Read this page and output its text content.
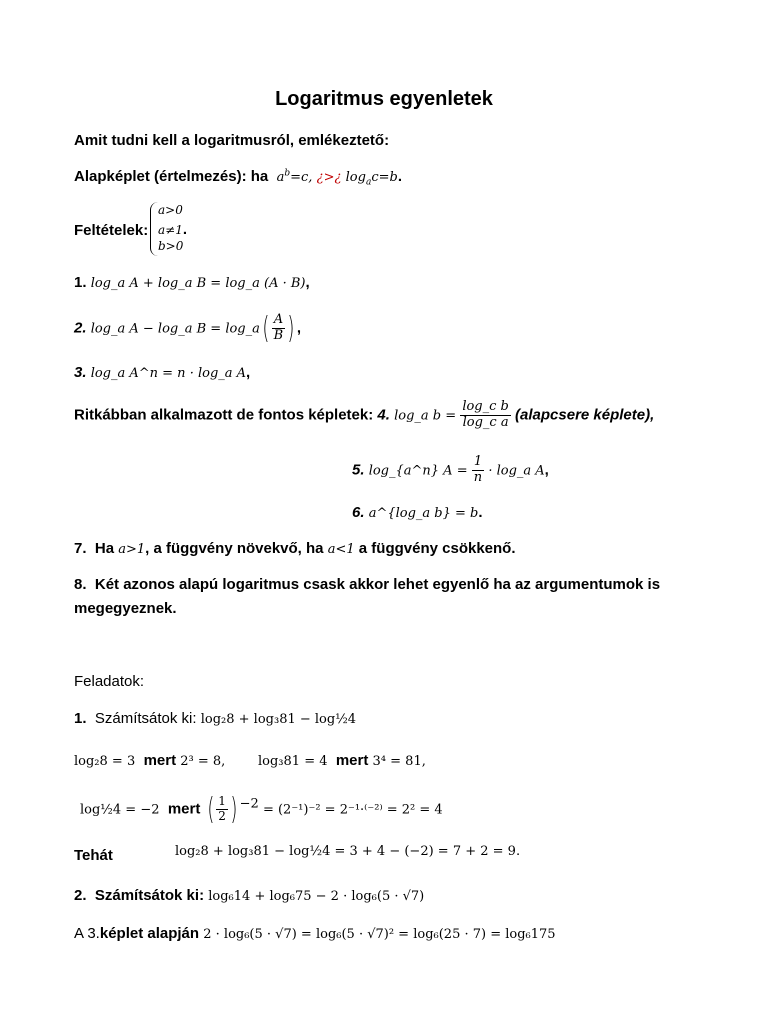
Logaritmus egyenletek
Amit tudni kell a logaritmusról, emlékeztető:
Alapképlet (értelmezés): ha $a^b=c$, ¿>¿ $\log_ac=b$.
Feltételek:
a>0
a≠1.
b>0
1. log_a A + log_a B = log_a (A · B),
2. log_a A − log_a B = log_a( $\frac{A}{B}$ ) ,
3. log_a A^n = n · log_a A,
Ritkábban alkalmazott de fontos képletek: 4. log_a $b = \frac{\text{log\_c b}}{\text{log\_c a}}$ (alapcsere képlete),
5. log_{a^n} $A = \frac{1}{n}$ · log_a A,
6. a^{log_a b} = b.
7. Ha a>1, a függvény növekvő, ha a<1 a függvény csökkenő.
8. Két azonos alapú logaritmus csask akkor lehet egyenlő ha az argumentumok is
megegyeznek.
Feladatok:
1. Számítsátok ki: log₂8 + log₃81 − log½4
log₂8 = 3 mert 2³ = 8,	log₃81 = 4 mert 3⁴ = 81,
log½4 = −2 mert ( $\frac{1}{2}$ ) $^{-2}$ = (2⁻¹)⁻² = 2⁻¹·⁽⁻²⁾ = 2² = 4
Tehát	log₂8 + log₃81 − log½4 = 3 + 4 − (−2) = 7 + 2 = 9.
2. Számítsátok ki: log₆14 + log₆75 − 2 · log₆(5 · √7)
A 3.képlet alapján 2 · log₆(5 · √7) = log₆(5 · √7)² = log₆(25 · 7) = log₆175
